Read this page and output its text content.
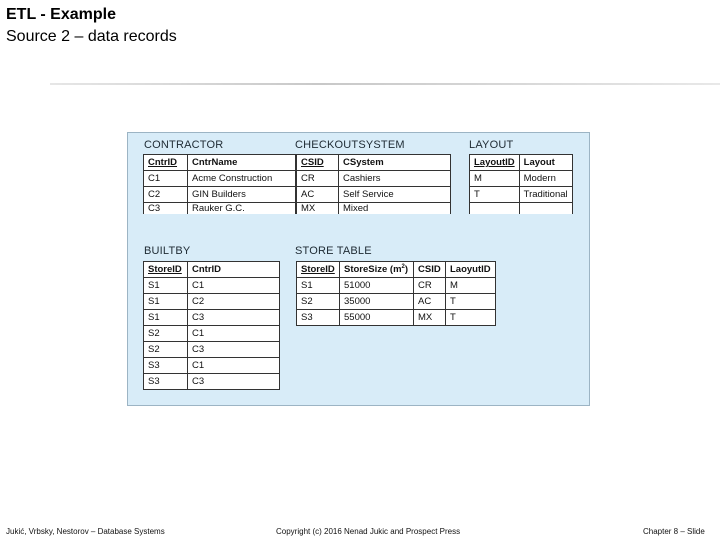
ETL - Example
Source 2 – data records
CONTRACTOR
CntrID	CntrName
C1	Acme Construction
C2	GIN Builders
C3	Rauker G.C.
CHECKOUTSYSTEM
CSID	CSystem
CR	Cashiers
AC	Self Service
MX	Mixed
LAYOUT
LayoutID	Layout
M	Modern
T	Traditional

BUILTBY
StoreID	CntrID
S1	C1
S1	C2
S1	C3
S2	C1
S2	C3
S3	C1
S3	C3
STORE TABLE
StoreID	StoreSize $(m^2)$	CSID	LaoyutID
S1	51000	CR	M
S2	35000	AC	T
S3	55000	MX	T
Jukić, Vrbsky, Nestorov – Database Systems	Copyright (c) 2016 Nenad Jukic and Prospect Press	Chapter 8 – Slide
